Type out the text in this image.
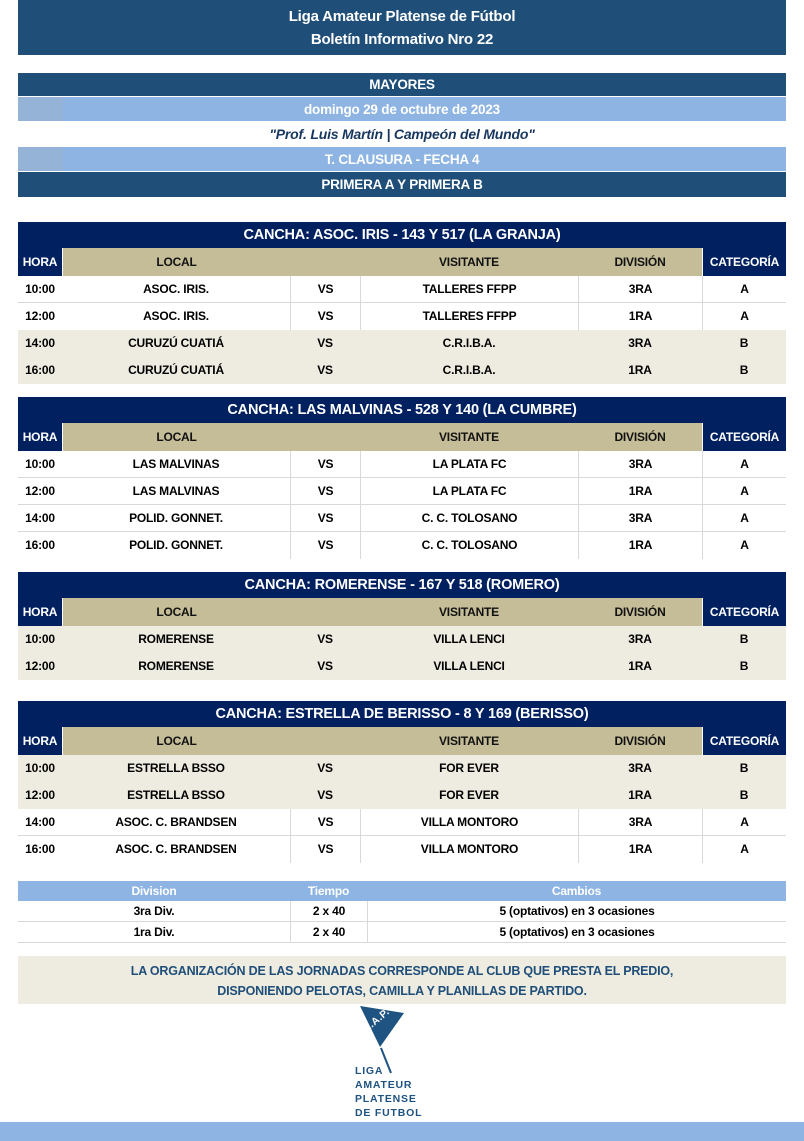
Liga Amateur Platense de Fútbol
Boletín Informativo Nro 22
MAYORES
domingo 29 de octubre de 2023
"Prof. Luis Martín | Campeón del Mundo"
T. CLAUSURA - FECHA 4
PRIMERA A Y PRIMERA B
CANCHA: ASOC. IRIS - 143 Y 517 (LA GRANJA)
HORA	LOCAL	VISITANTE	DIVISIÓN	CATEGORÍA
10:00	ASOC. IRIS.	VS	TALLERES FFPP	3RA	A
12:00	ASOC. IRIS.	VS	TALLERES FFPP	1RA	A
14:00	CURUZÚ CUATIÁ	VS	C.R.I.B.A.	3RA	B
16:00	CURUZÚ CUATIÁ	VS	C.R.I.B.A.	1RA	B
CANCHA: LAS MALVINAS - 528 Y 140 (LA CUMBRE)
HORA	LOCAL	VISITANTE	DIVISIÓN	CATEGORÍA
10:00	LAS MALVINAS	VS	LA PLATA FC	3RA	A
12:00	LAS MALVINAS	VS	LA PLATA FC	1RA	A
14:00	POLID. GONNET.	VS	C. C. TOLOSANO	3RA	A
16:00	POLID. GONNET.	VS	C. C. TOLOSANO	1RA	A
CANCHA: ROMERENSE - 167 Y 518 (ROMERO)
HORA	LOCAL	VISITANTE	DIVISIÓN	CATEGORÍA
10:00	ROMERENSE	VS	VILLA LENCI	3RA	B
12:00	ROMERENSE	VS	VILLA LENCI	1RA	B
CANCHA: ESTRELLA DE BERISSO - 8 Y 169 (BERISSO)
HORA	LOCAL	VISITANTE	DIVISIÓN	CATEGORÍA
10:00	ESTRELLA BSSO	VS	FOR EVER	3RA	B
12:00	ESTRELLA BSSO	VS	FOR EVER	1RA	B
14:00	ASOC. C. BRANDSEN	VS	VILLA MONTORO	3RA	A
16:00	ASOC. C. BRANDSEN	VS	VILLA MONTORO	1RA	A
Division	Tiempo	Cambios
3ra Div.	2 x 40	5 (optativos) en 3 ocasiones
1ra Div.	2 x 40	5 (optativos) en 3 ocasiones
LA ORGANIZACIÓN DE LAS JORNADAS CORRESPONDE AL CLUB QUE PRESTA EL PREDIO,
DISPONIENDO PELOTAS, CAMILLA Y PLANILLAS DE PARTIDO.
L.A.P.
LIGA
AMATEUR
PLATENSE
DE FUTBOL
